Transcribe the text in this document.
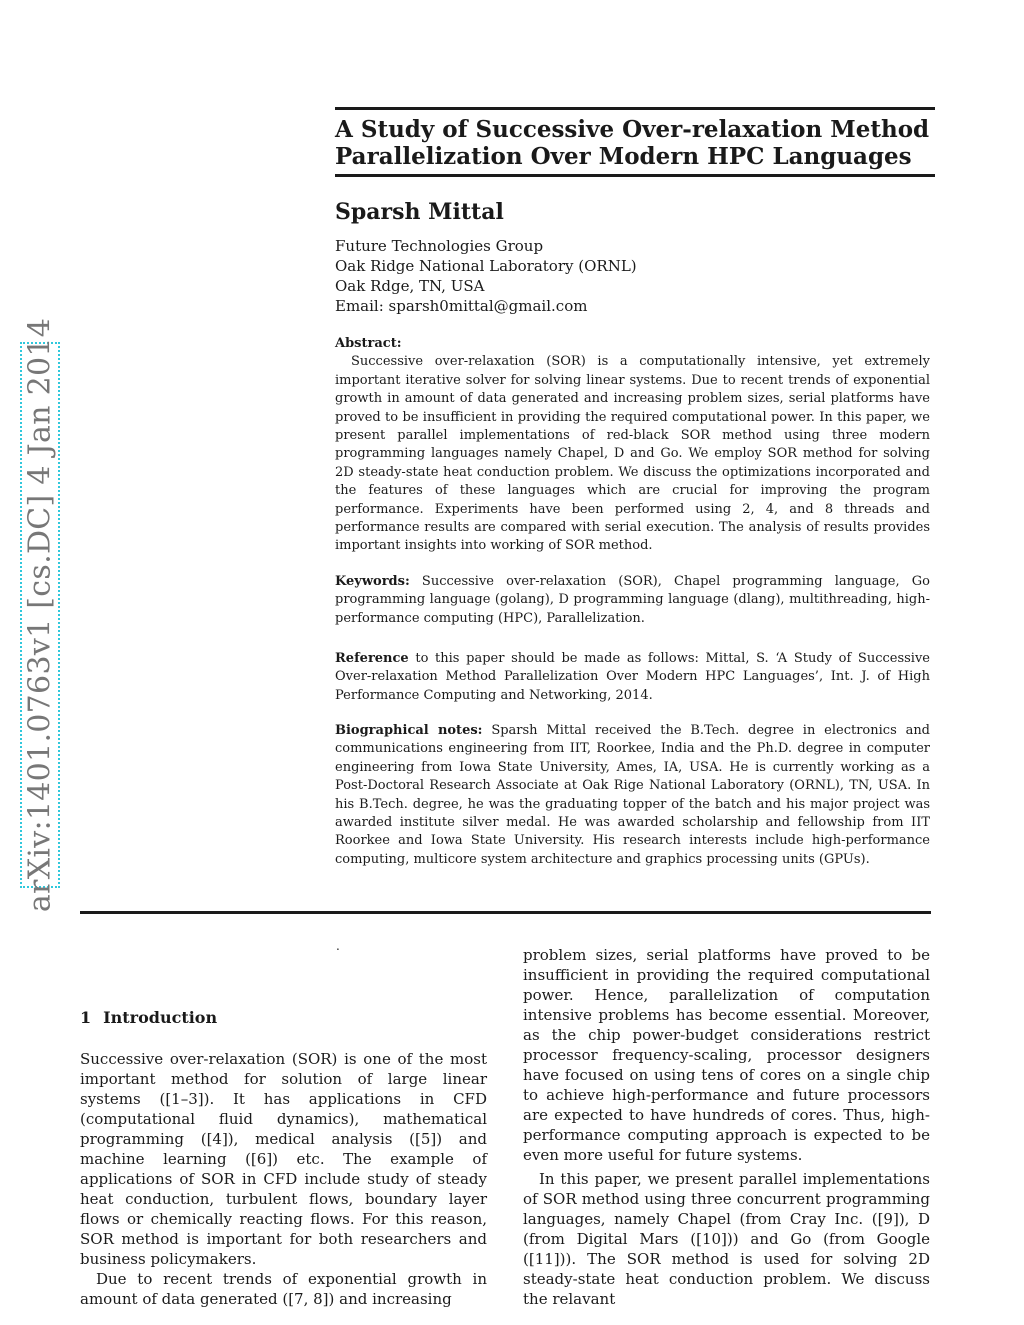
A Study of Successive Over-relaxation Method Parallelization Over Modern HPC Languages
Sparsh Mittal
Future Technologies Group
Oak Ridge National Laboratory (ORNL)
Oak Rdge, TN, USA
Email: sparsh0mittal@gmail.com

Abstract:

Successive over-relaxation (SOR) is a computationally intensive, yet extremely important iterative solver for solving linear systems. Due to recent trends of exponential growth in amount of data generated and increasing problem sizes, serial platforms have proved to be insufficient in providing the required computational power. In this paper, we present parallel implementations of red-black SOR method using three modern programming languages namely Chapel, D and Go. We employ SOR method for solving 2D steady-state heat conduction problem. We discuss the optimizations incorporated and the features of these languages which are crucial for improving the program performance. Experiments have been performed using 2, 4, and 8 threads and performance results are compared with serial execution. The analysis of results provides important insights into working of SOR method.

Keywords: Successive over-relaxation (SOR), Chapel programming language, Go programming language (golang), D programming language (dlang), multithreading, high-performance computing (HPC), Parallelization.

Reference to this paper should be made as follows: Mittal, S. ‘A Study of Successive Over-relaxation Method Parallelization Over Modern HPC Languages’, Int. J. of High Performance Computing and Networking, 2014.

Biographical notes: Sparsh Mittal received the B.Tech. degree in electronics and communications engineering from IIT, Roorkee, India and the Ph.D. degree in computer engineering from Iowa State University, Ames, IA, USA. He is currently working as a Post-Doctoral Research Associate at Oak Rige National Laboratory (ORNL), TN, USA. In his B.Tech. degree, he was the graduating topper of the batch and his major project was awarded institute silver medal. He was awarded scholarship and fellowship from IIT Roorkee and Iowa State University. His research interests include high-performance computing, multicore system architecture and graphics processing units (GPUs).

.
1 Introduction

Successive over-relaxation (SOR) is one of the most important method for solution of large linear systems ([1–3]). It has applications in CFD (computational fluid dynamics), mathematical programming ([4]), medical analysis ([5]) and machine learning ([6]) etc. The example of applications of SOR in CFD include study of steady heat conduction, turbulent flows, boundary layer flows or chemically reacting flows. For this reason, SOR method is important for both researchers and business policymakers.

Due to recent trends of exponential growth in amount of data generated ([7, 8]) and increasing

problem sizes, serial platforms have proved to be insufficient in providing the required computational power. Hence, parallelization of computation intensive problems has become essential. Moreover, as the chip power-budget considerations restrict processor frequency-scaling, processor designers have focused on using tens of cores on a single chip to achieve high-performance and future processors are expected to have hundreds of cores. Thus, high-performance computing approach is expected to be even more useful for future systems.

In this paper, we present parallel implementations of SOR method using three concurrent programming languages, namely Chapel (from Cray Inc. ([9]), D (from Digital Mars ([10])) and Go (from Google ([11])). The SOR method is used for solving 2D steady-state heat conduction problem. We discuss the relavant

arXiv:1401.0763v1 [cs.DC] 4 Jan 2014
